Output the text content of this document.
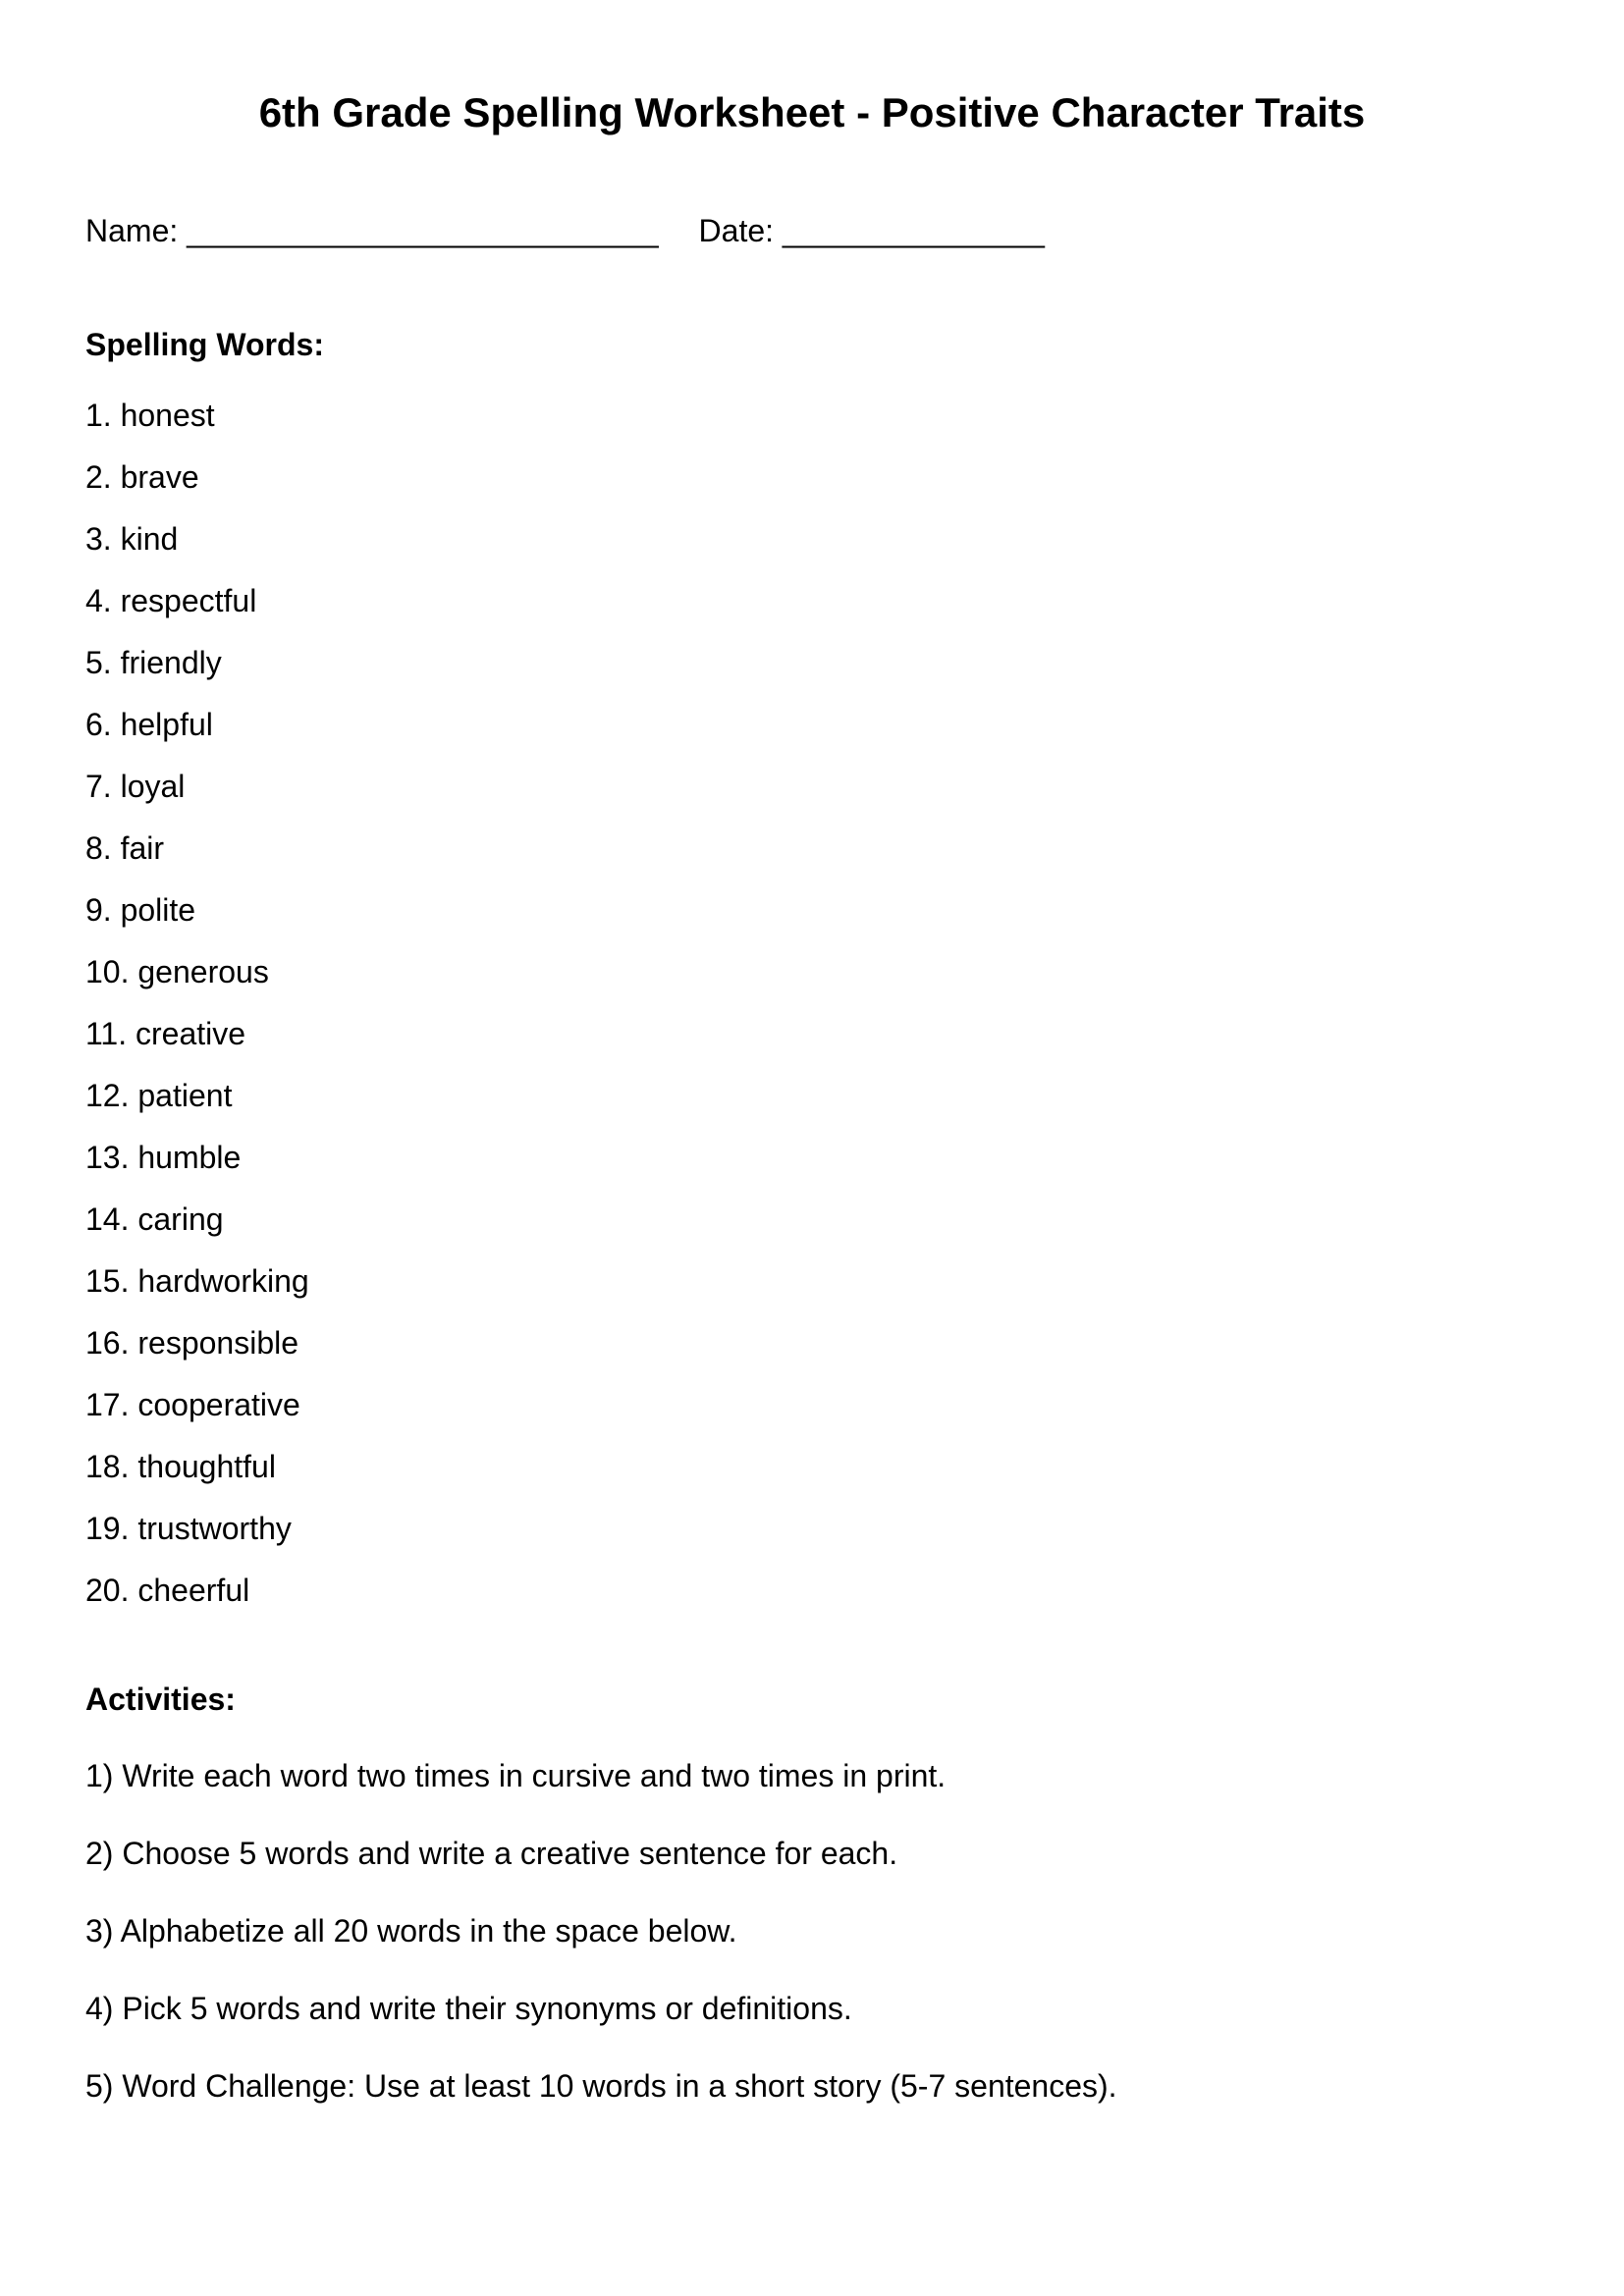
6th Grade Spelling Worksheet - Positive Character Traits
Name: ___________________________ Date: _______________
Spelling Words:
1. honest
2. brave
3. kind
4. respectful
5. friendly
6. helpful
7. loyal
8. fair
9. polite
10. generous
11. creative
12. patient
13. humble
14. caring
15. hardworking
16. responsible
17. cooperative
18. thoughtful
19. trustworthy
20. cheerful
Activities:
1) Write each word two times in cursive and two times in print.
2) Choose 5 words and write a creative sentence for each.
3) Alphabetize all 20 words in the space below.
4) Pick 5 words and write their synonyms or definitions.
5) Word Challenge: Use at least 10 words in a short story (5-7 sentences).
